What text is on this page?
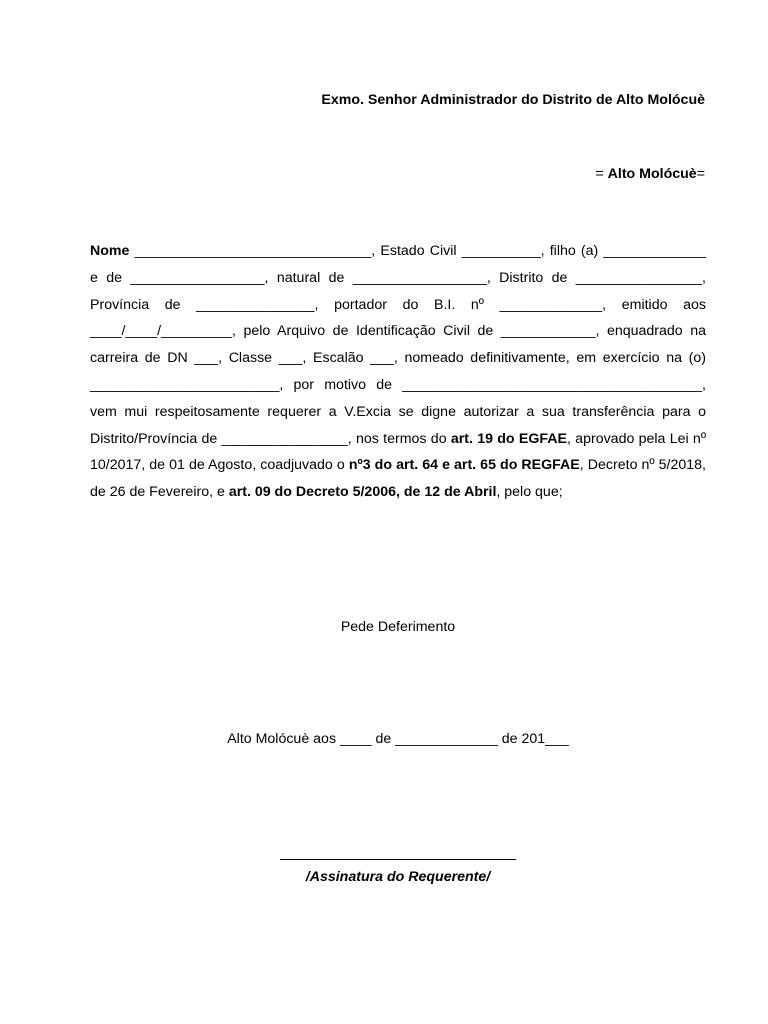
Exmo. Senhor Administrador do Distrito de Alto Molócuè
= Alto Molócuè=

Nome ______________________________, Estado Civil __________, filho (a) _____________ e de _________________, natural de _________________, Distrito de ________________, Província de _______________, portador do B.I. nº _____________, emitido aos ____/____/_________, pelo Arquivo de Identificação Civil de ____________, enquadrado na carreira de DN ___, Classe ___, Escalão ___, nomeado definitivamente, em exercício na (o) ________________________, por motivo de ______________________________________, vem mui respeitosamente requerer a V.Excia se digne autorizar a sua transferência para o Distrito/Província de ________________, nos termos do art. 19 do EGFAE, aprovado pela Lei nº 10/2017, de 01 de Agosto, coadjuvado o nº3 do art. 64 e art. 65 do REGFAE, Decreto nº 5/2018, de 26 de Fevereiro, e art. 09 do Decreto 5/2006, de 12 de Abril, pelo que;

Pede Deferimento
Alto Molócuè aos ____ de _____________ de 201___
/Assinatura do Requerente/
